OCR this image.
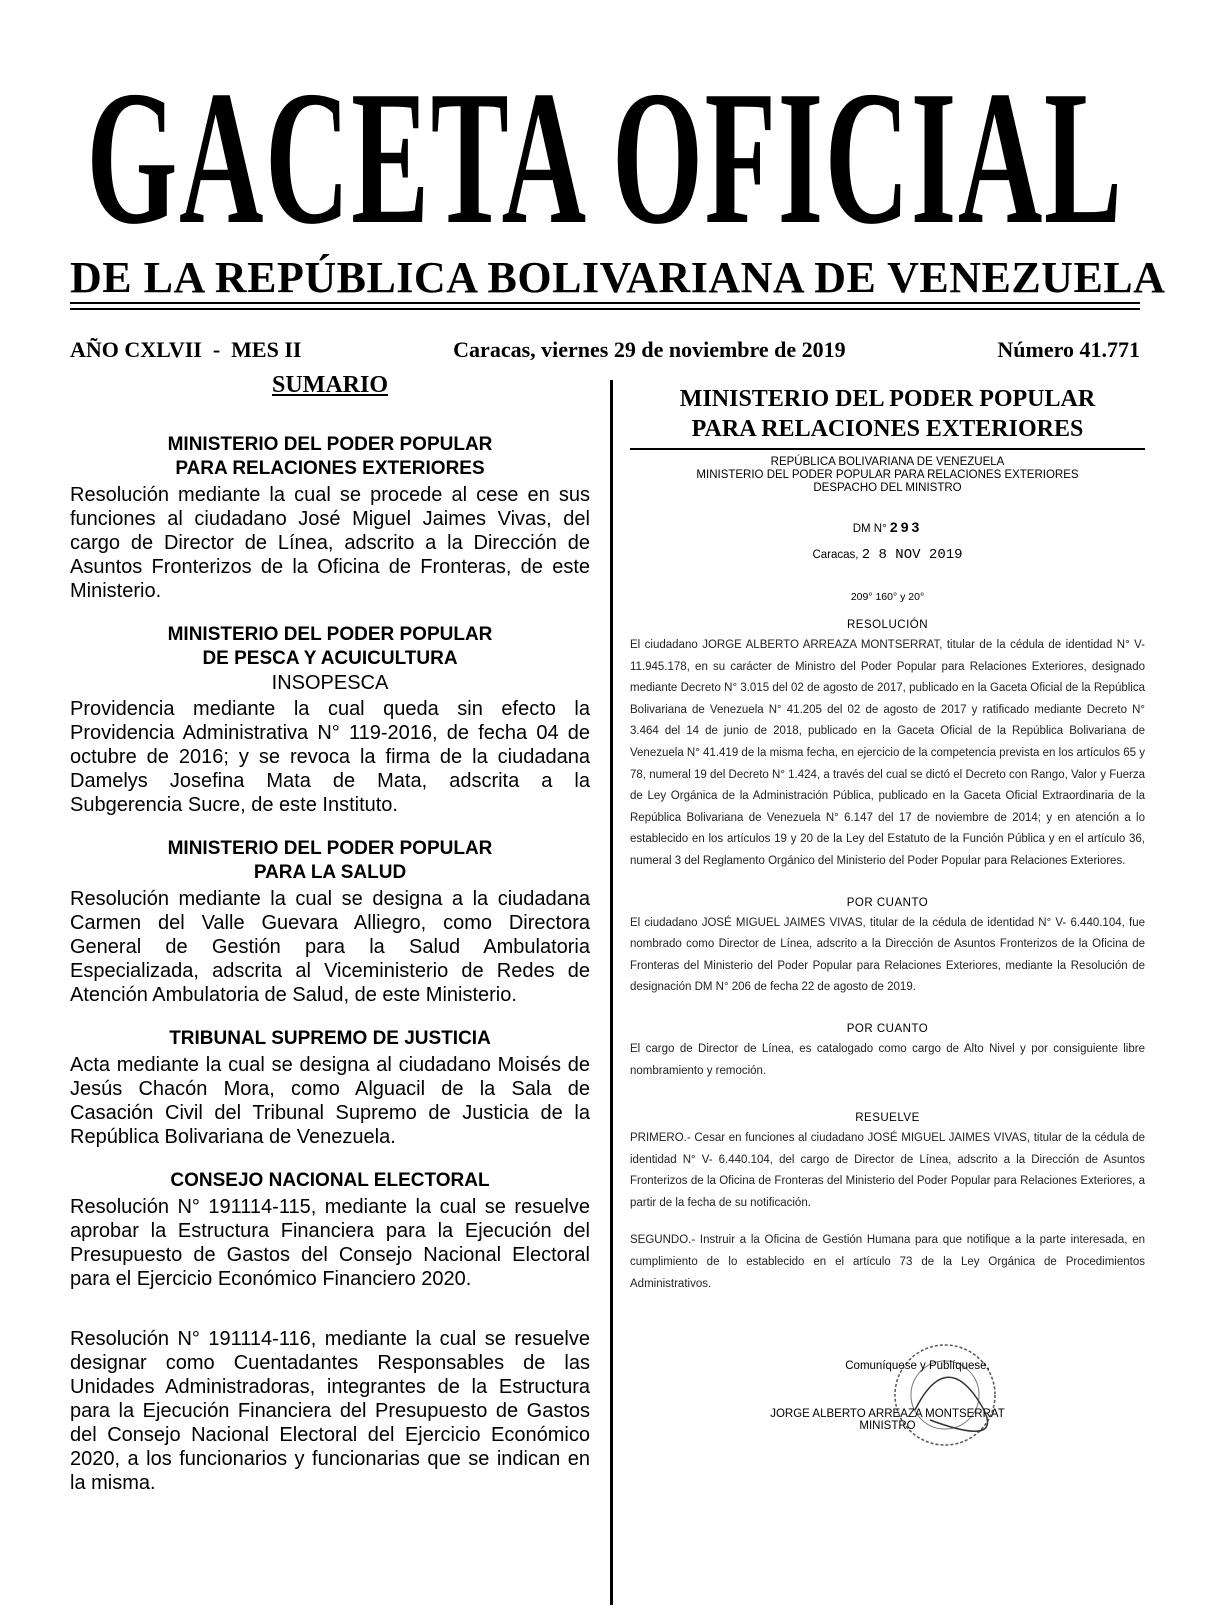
GACETA OFICIAL
DE LA REPÚBLICA BOLIVARIANA DE VENEZUELA
AÑO CXLVII  -  MES II	Caracas, viernes 29 de noviembre de 2019	Número 41.771
SUMARIO
MINISTERIO DEL PODER POPULAR
PARA RELACIONES EXTERIORES
Resolución mediante la cual se procede al cese en sus funciones al ciudadano José Miguel Jaimes Vivas, del cargo de Director de Línea, adscrito a la Dirección de Asuntos Fronterizos de la Oficina de Fronteras, de este Ministerio.
MINISTERIO DEL PODER POPULAR
DE PESCA Y ACUICULTURA
INSOPESCA
Providencia mediante la cual queda sin efecto la Providencia Administrativa N° 119-2016, de fecha 04 de octubre de 2016; y se revoca la firma de la ciudadana Damelys Josefina Mata de Mata, adscrita a la Subgerencia Sucre, de este Instituto.
MINISTERIO DEL PODER POPULAR
PARA LA SALUD
Resolución mediante la cual se designa a la ciudadana Carmen del Valle Guevara Alliegro, como Directora General de Gestión para la Salud Ambulatoria Especializada, adscrita al Viceministerio de Redes de Atención Ambulatoria de Salud, de este Ministerio.
TRIBUNAL SUPREMO DE JUSTICIA
Acta mediante la cual se designa al ciudadano Moisés de Jesús Chacón Mora, como Alguacil de la Sala de Casación Civil del Tribunal Supremo de Justicia de la República Bolivariana de Venezuela.
CONSEJO NACIONAL ELECTORAL
Resolución N° 191114-115, mediante la cual se resuelve aprobar la Estructura Financiera para la Ejecución del Presupuesto de Gastos del Consejo Nacional Electoral para el Ejercicio Económico Financiero 2020.
Resolución N° 191114-116, mediante la cual se resuelve designar como Cuentadantes Responsables de las Unidades Administradoras, integrantes de la Estructura para la Ejecución Financiera del Presupuesto de Gastos del Consejo Nacional Electoral del Ejercicio Económico 2020, a los funcionarios y funcionarias que se indican en la misma.
MINISTERIO DEL PODER POPULAR
PARA RELACIONES EXTERIORES
REPÚBLICA BOLIVARIANA DE VENEZUELA
MINISTERIO DEL PODER POPULAR PARA RELACIONES EXTERIORES
DESPACHO DEL MINISTRO
DM N° 293
Caracas, 2 8 NOV 2019
209° 160° y 20°
RESOLUCIÓN
El ciudadano JORGE ALBERTO ARREAZA MONTSERRAT, titular de la cédula de identidad N° V-11.945.178, en su carácter de Ministro del Poder Popular para Relaciones Exteriores, designado mediante Decreto N° 3.015 del 02 de agosto de 2017, publicado en la Gaceta Oficial de la República Bolivariana de Venezuela N° 41.205 del 02 de agosto de 2017 y ratificado mediante Decreto N° 3.464 del 14 de junio de 2018, publicado en la Gaceta Oficial de la República Bolivariana de Venezuela N° 41.419 de la misma fecha, en ejercicio de la competencia prevista en los artículos 65 y 78, numeral 19 del Decreto N° 1.424, a través del cual se dictó el Decreto con Rango, Valor y Fuerza de Ley Orgánica de la Administración Pública, publicado en la Gaceta Oficial Extraordinaria de la República Bolivariana de Venezuela N° 6.147 del 17 de noviembre de 2014; y en atención a lo establecido en los artículos 19 y 20 de la Ley del Estatuto de la Función Pública y en el artículo 36, numeral 3 del Reglamento Orgánico del Ministerio del Poder Popular para Relaciones Exteriores.
POR CUANTO
El ciudadano JOSÉ MIGUEL JAIMES VIVAS, titular de la cédula de identidad N° V- 6.440.104, fue nombrado como Director de Línea, adscrito a la Dirección de Asuntos Fronterizos de la Oficina de Fronteras del Ministerio del Poder Popular para Relaciones Exteriores, mediante la Resolución de designación DM N° 206 de fecha 22 de agosto de 2019.
POR CUANTO
El cargo de Director de Línea, es catalogado como cargo de Alto Nivel y por consiguiente libre nombramiento y remoción.
RESUELVE
PRIMERO.- Cesar en funciones al ciudadano JOSÉ MIGUEL JAIMES VIVAS, titular de la cédula de identidad N° V- 6.440.104, del cargo de Director de Línea, adscrito a la Dirección de Asuntos Fronterizos de la Oficina de Fronteras del Ministerio del Poder Popular para Relaciones Exteriores, a partir de la fecha de su notificación.
SEGUNDO.- Instruir a la Oficina de Gestión Humana para que notifique a la parte interesada, en cumplimiento de lo establecido en el artículo 73 de la Ley Orgánica de Procedimientos Administrativos.
Comuníquese y Publíquese,
JORGE ALBERTO ARREAZA MONTSERRAT
MINISTRO
